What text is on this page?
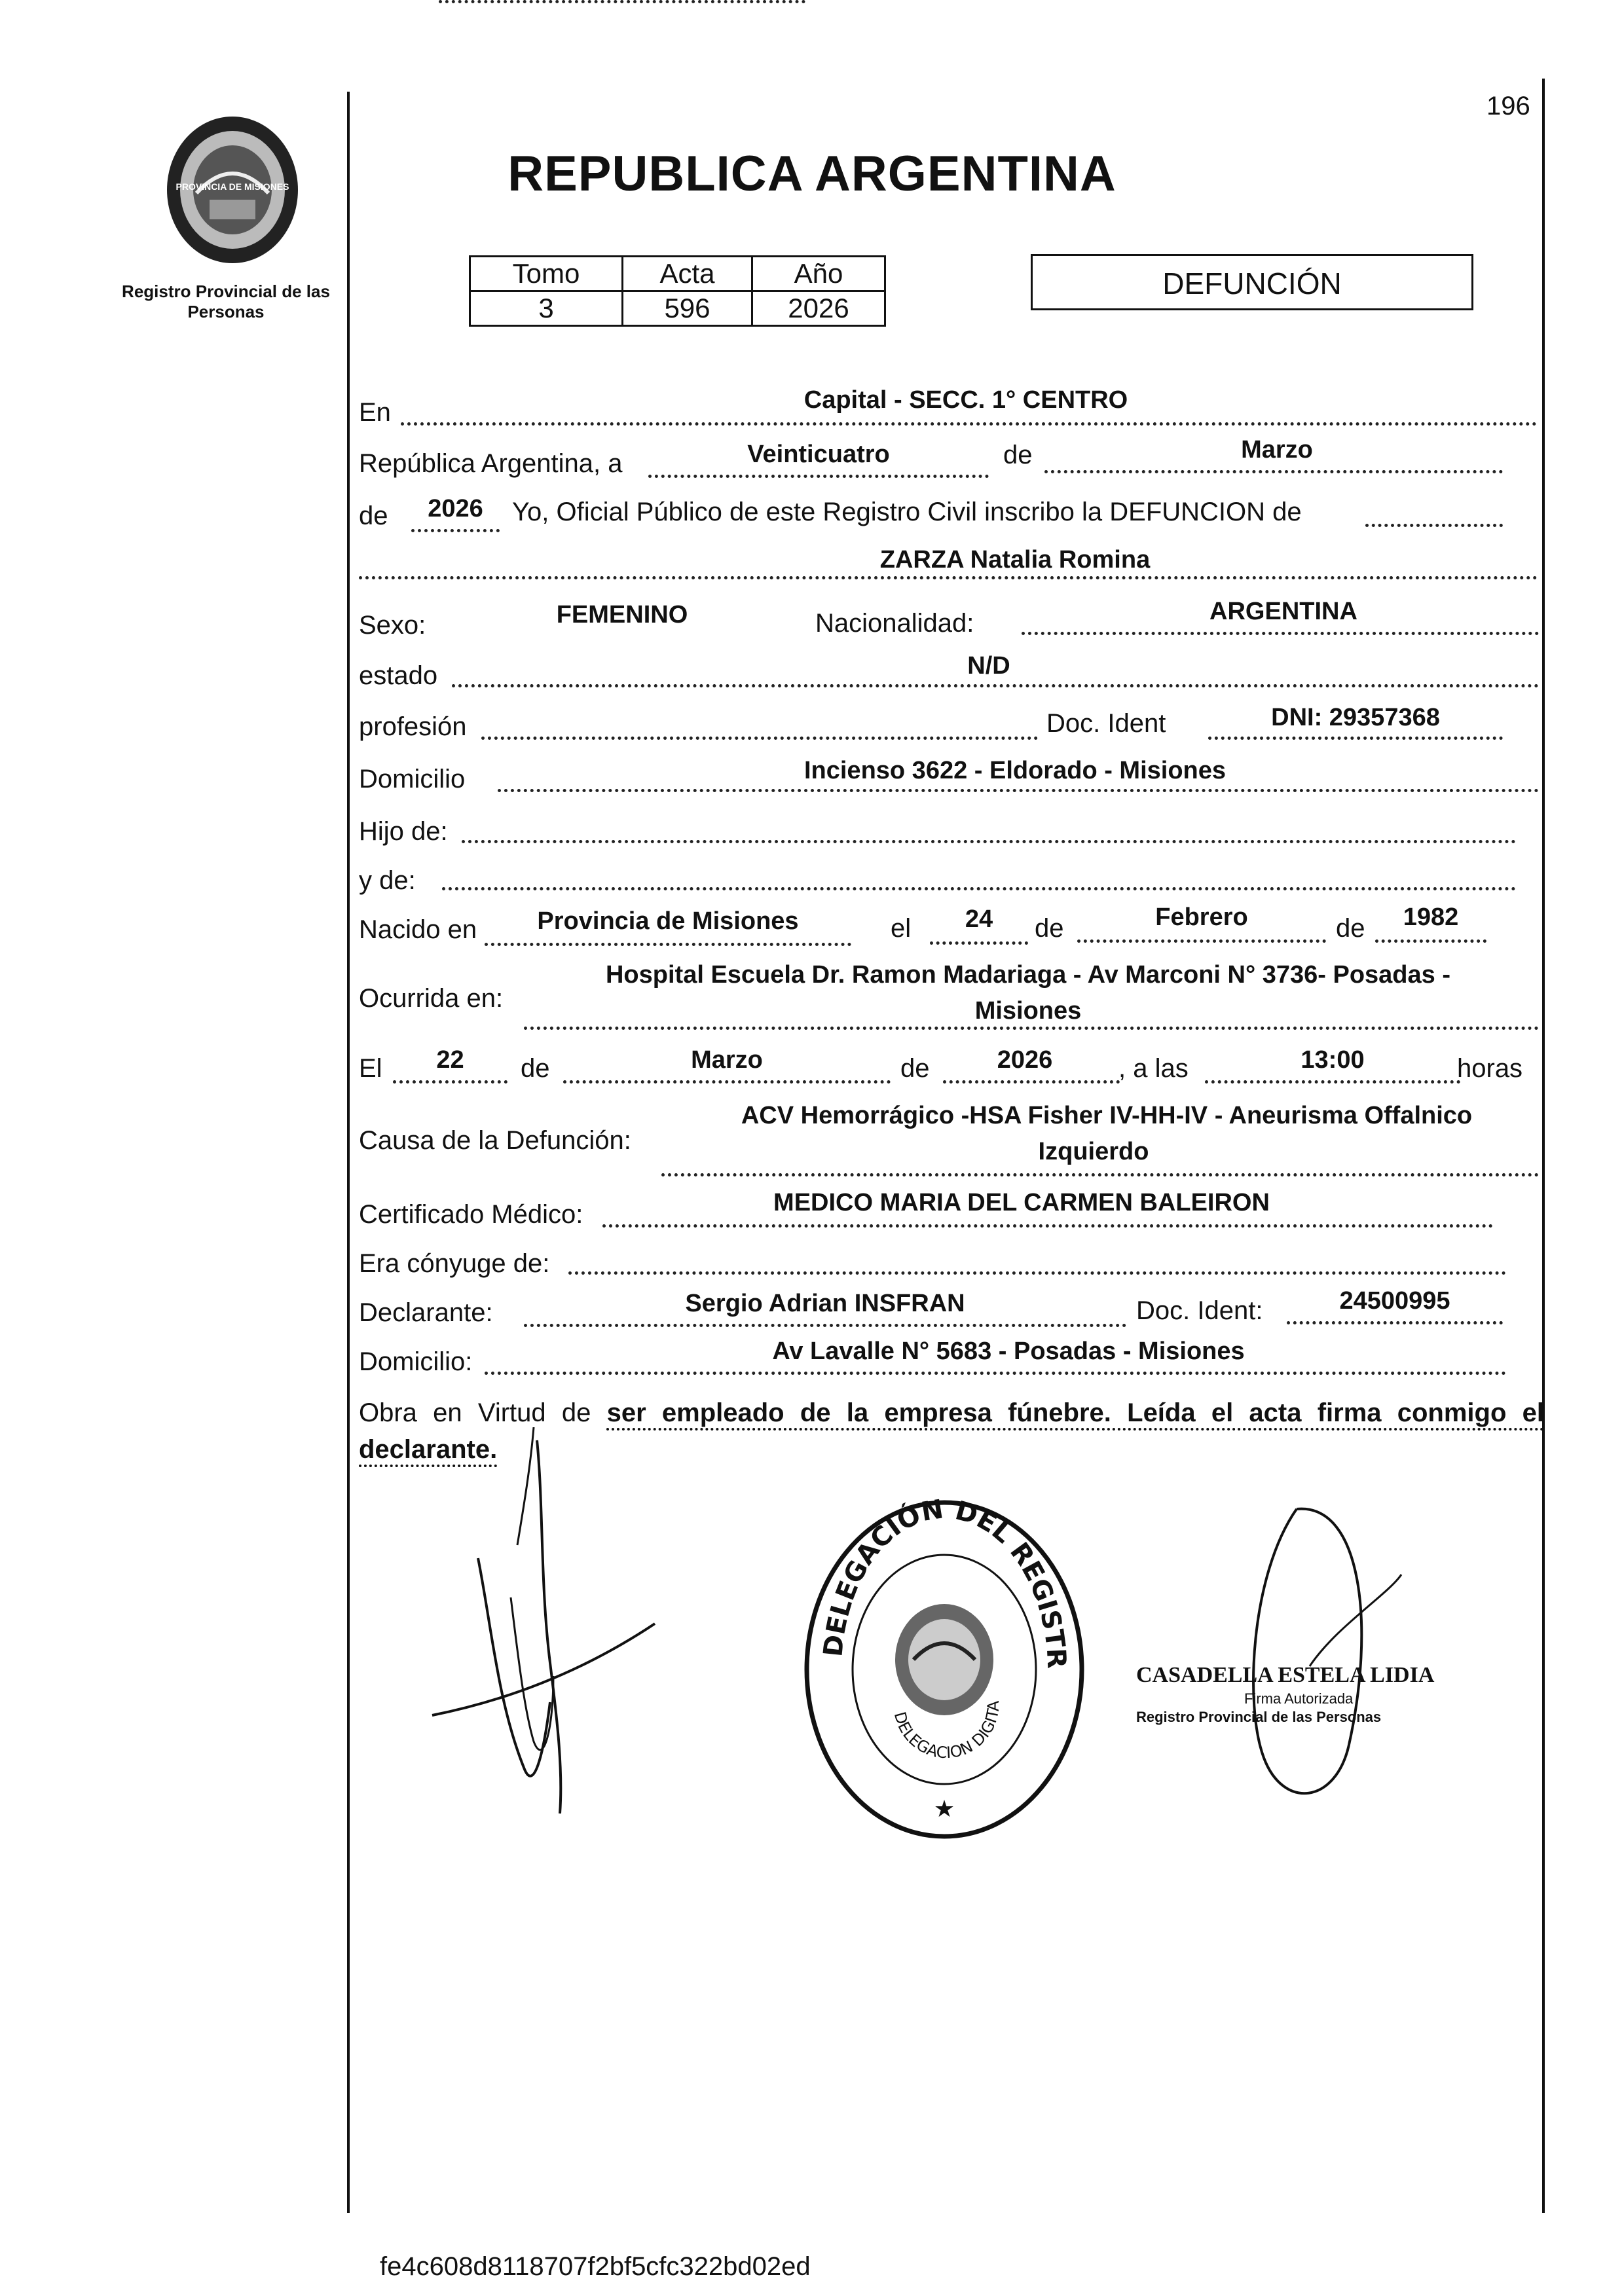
PROVINCIA DE MISIONES
Registro Provincial de las Personas
196
REPUBLICA ARGENTINA
Tomo	Acta	Año
3	596	2026
DEFUNCIÓN
En	Capital - SECC. 1° CENTRO
República Argentina, a	Veinticuatro	de	Marzo
de	2026	Yo, Oficial Público de este Registro Civil inscribo la DEFUNCION de
ZARZA Natalia Romina
Sexo:	FEMENINO	Nacionalidad:	ARGENTINA
estado	N/D
profesión	Doc. Ident	DNI: 29357368
Domicilio	Incienso 3622 - Eldorado - Misiones
Hijo de:
y de:
Nacido en	Provincia de Misiones	el	24	de	Febrero	de	1982
Hospital Escuela Dr. Ramon Madariaga - Av Marconi N° 3736- Posadas -
Ocurrida en:	Misiones
El	22	de	Marzo	de	2026	, a las	13:00	horas
ACV Hemorrágico -HSA Fisher IV-HH-IV - Aneurisma Offalnico
Causa de la Defunción:	Izquierdo
Certificado Médico:	MEDICO MARIA DEL CARMEN BALEIRON
Era cónyuge de:
Declarante:	Sergio Adrian INSFRAN	Doc. Ident:	24500995
Domicilio:	Av Lavalle N° 5683 - Posadas - Misiones
Obra en Virtud de ser empleado de la empresa fúnebre. Leída el acta firma conmigo el declarante.
DELEGACIÓN DEL REGISTR
DELEGACION DIGITA
★
CASADELLA ESTELA LIDIA
Firma Autorizada
Registro Provincial de las Personas
fe4c608d8118707f2bf5cfc322bd02ed
